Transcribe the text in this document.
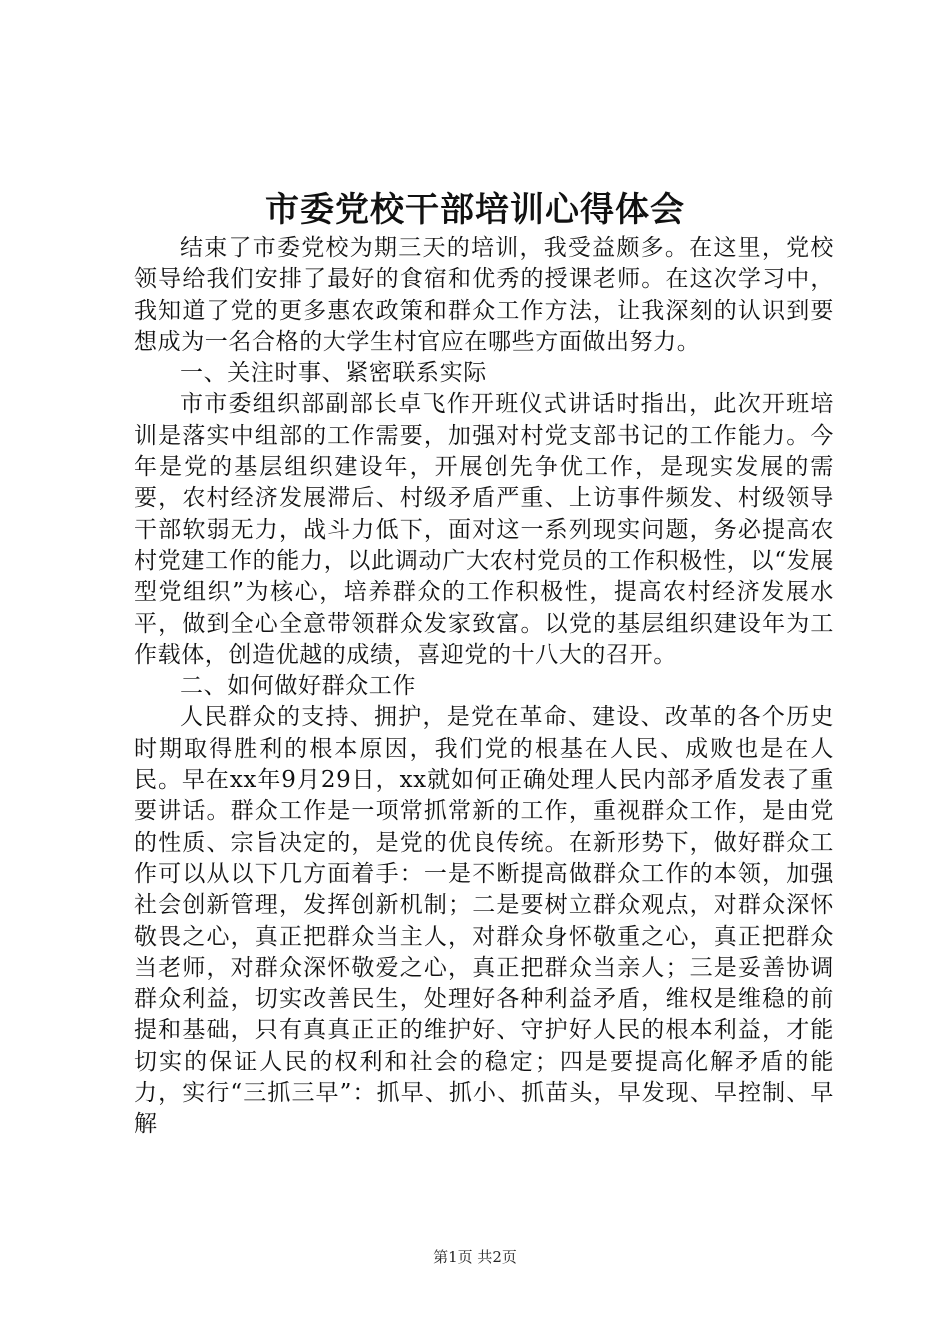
市委党校干部培训心得体会

结束了市委党校为期三天的培训，我受益颇多。在这里，党校领导给我们安排了最好的食宿和优秀的授课老师。在这次学习中，我知道了党的更多惠农政策和群众工作方法，让我深刻的认识到要想成为一名合格的大学生村官应在哪些方面做出努力。

一、关注时事、紧密联系实际

市市委组织部副部长卓飞作开班仪式讲话时指出，此次开班培训是落实中组部的工作需要，加强对村党支部书记的工作能力。今年是党的基层组织建设年，开展创先争优工作，是现实发展的需要，农村经济发展滞后、村级矛盾严重、上访事件频发、村级领导干部软弱无力，战斗力低下，面对这一系列现实问题，务必提高农村党建工作的能力，以此调动广大农村党员的工作积极性，以“发展型党组织”为核心，培养群众的工作积极性，提高农村经济发展水平，做到全心全意带领群众发家致富。以党的基层组织建设年为工作载体，创造优越的成绩，喜迎党的十八大的召开。

二、如何做好群众工作

人民群众的支持、拥护，是党在革命、建设、改革的各个历史时期取得胜利的根本原因，我们党的根基在人民、成败也是在人民。早在xx年9月29日，xx就如何正确处理人民内部矛盾发表了重要讲话。群众工作是一项常抓常新的工作，重视群众工作，是由党的性质、宗旨决定的，是党的优良传统。在新形势下，做好群众工作可以从以下几方面着手：一是不断提高做群众工作的本领，加强社会创新管理，发挥创新机制；二是要树立群众观点，对群众深怀敬畏之心，真正把群众当主人，对群众身怀敬重之心，真正把群众当老师，对群众深怀敬爱之心，真正把群众当亲人；三是妥善协调群众利益，切实改善民生，处理好各种利益矛盾，维权是维稳的前提和基础，只有真真正正的维护好、守护好人民的根本利益，才能切实的保证人民的权利和社会的稳定；四是要提高化解矛盾的能力，实行“三抓三早”：抓早、抓小、抓苗头，早发现、早控制、早解

第1页 共2页
